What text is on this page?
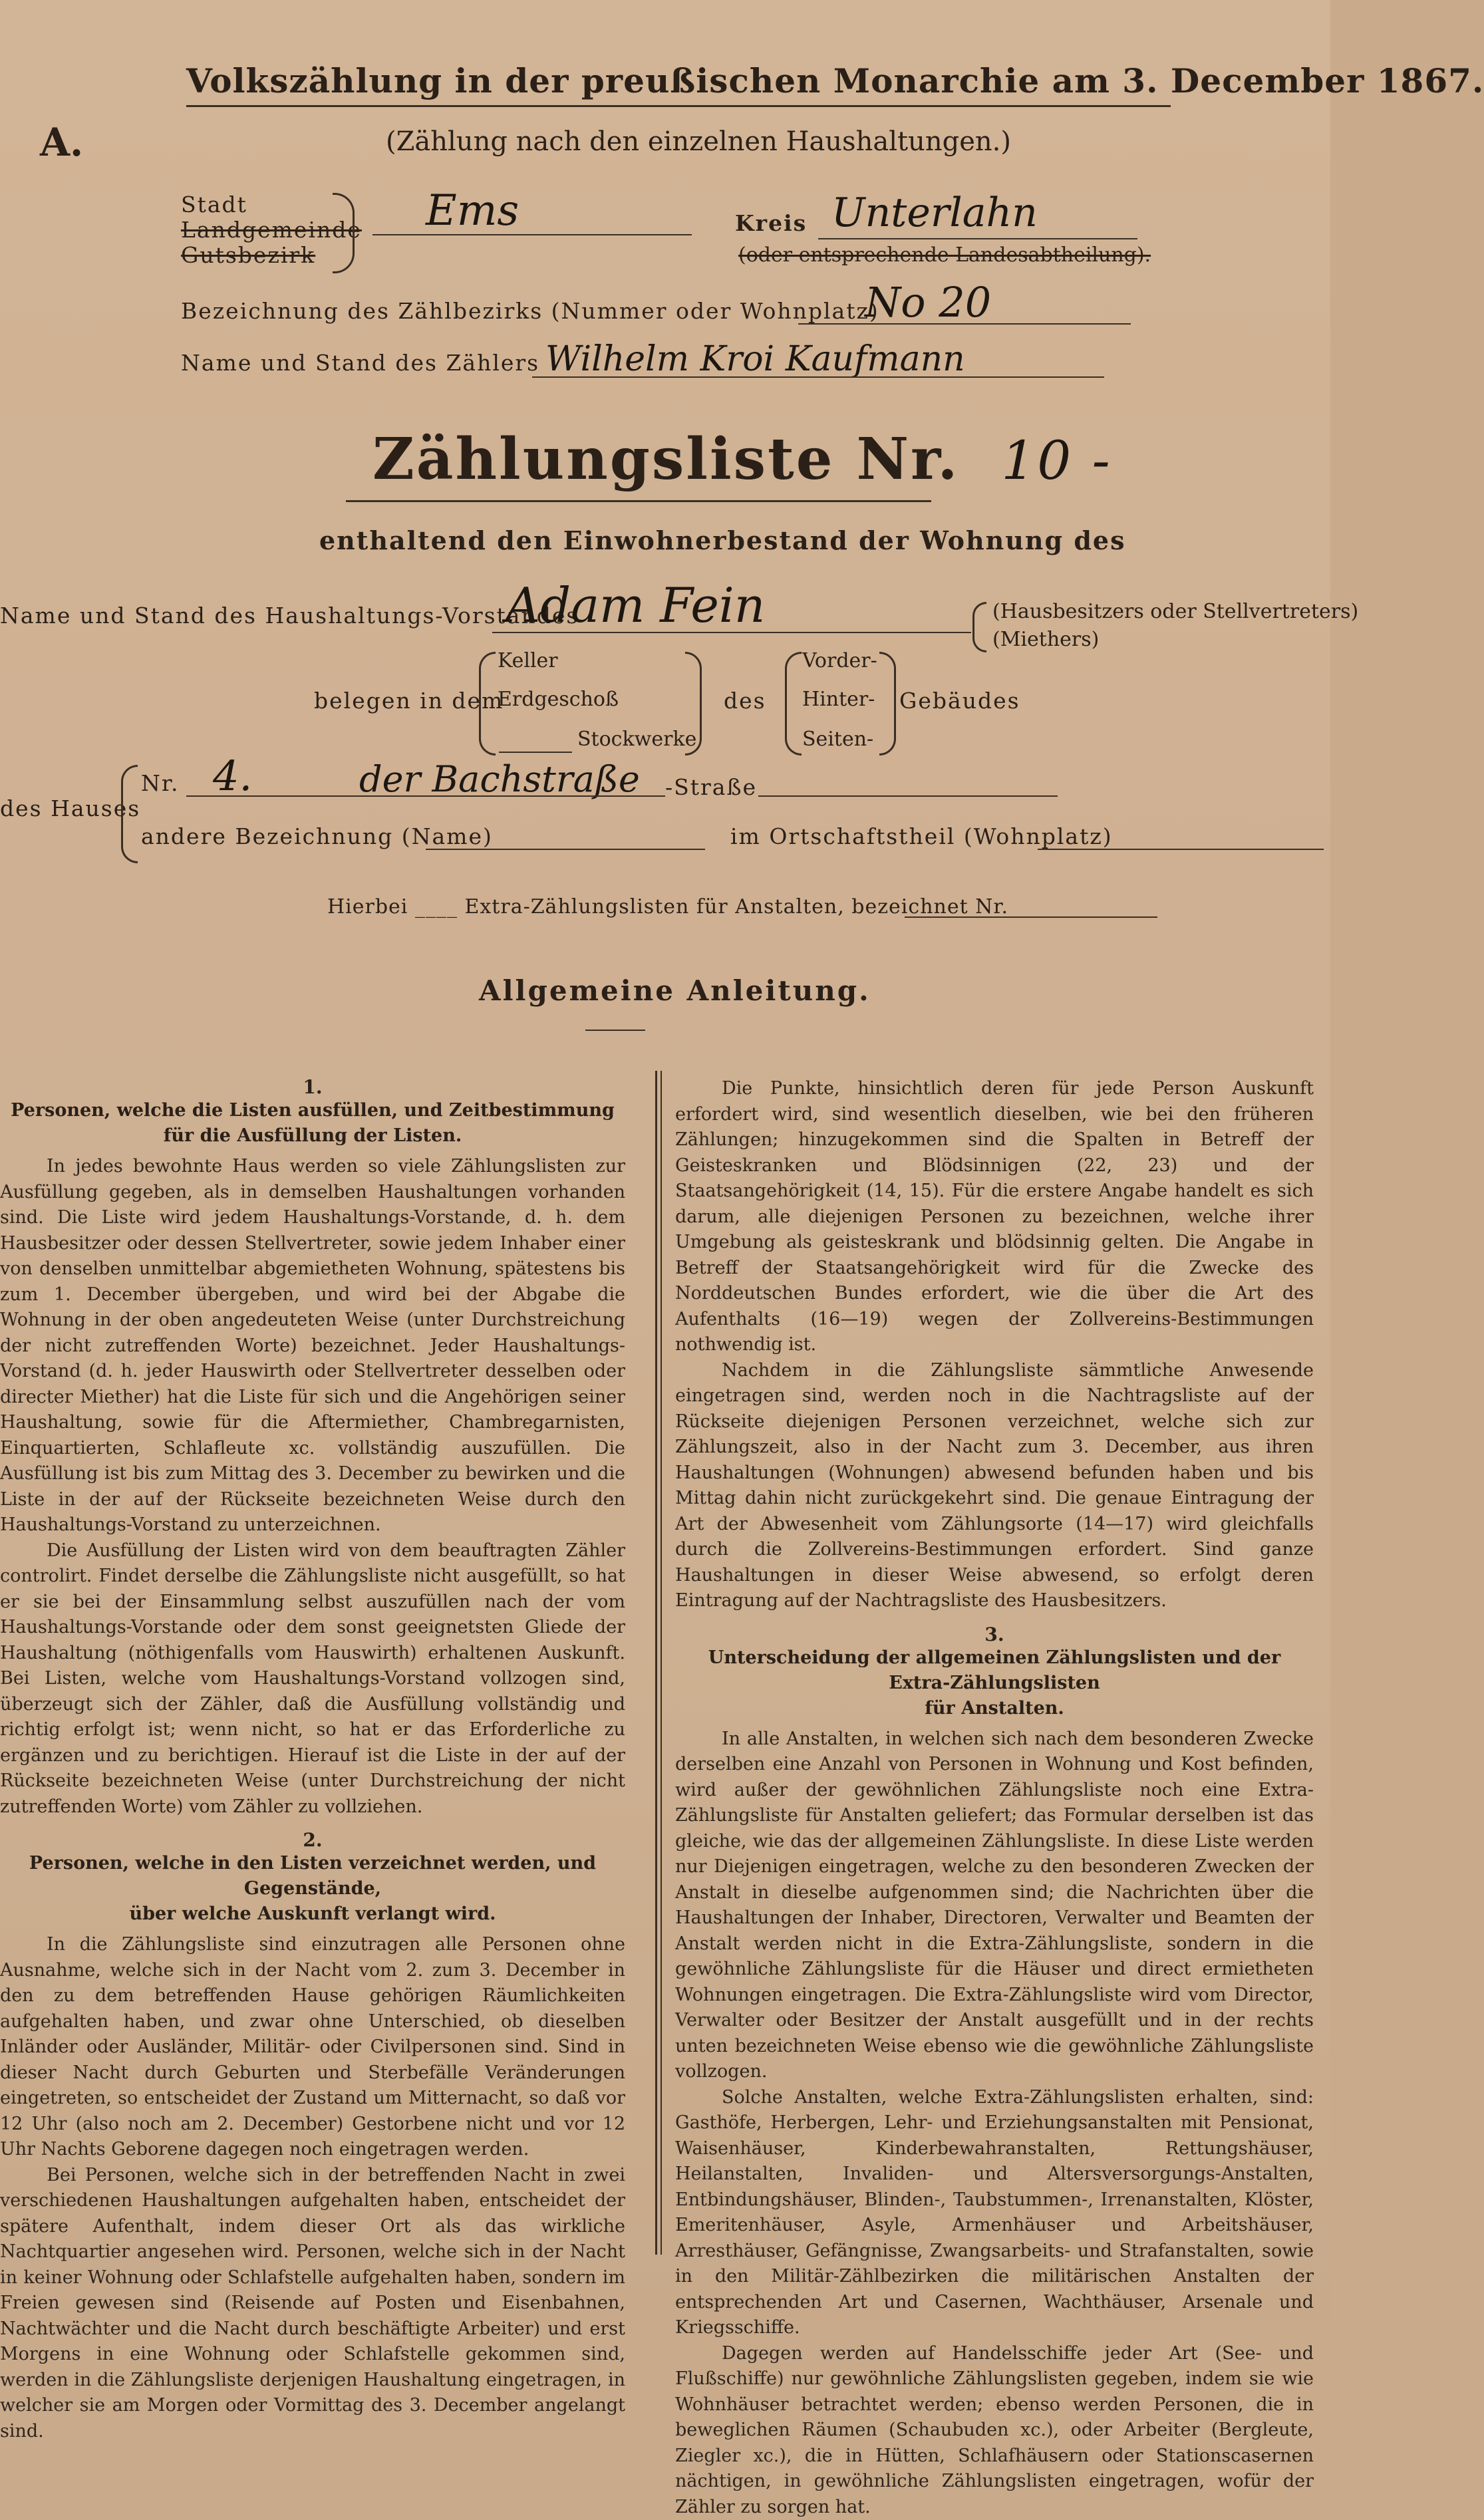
Volkszählung in der preußischen Monarchie am 3. December 1867.
A.	(Zählung nach den einzelnen Haushaltungen.)
Stadt
Landgemeinde
Gutsbezirk
Ems	Kreis Unterlahn
(oder entsprechende Landesabtheilung).
Bezeichnung des Zählbezirks (Nummer oder Wohnplatz)
No 20
Name und Stand des Zählers Wilhelm Kroi Kaufmann
Zählungsliste Nr. 10 -
enthaltend den Einwohnerbestand der Wohnung des
Name und Stand des Haushaltungs-Vorstandes
Adam Fein	(Hausbesitzers oder Stellvertreters)
(Miethers)
belegen in dem
Keller
Erdgeschoß
Stockwerke
des
Vorder-
Hinter-
Seiten-
Gebäudes
des Hauses
Nr. 4.	der Bachstraße -Straße
andere Bezeichnung (Name)	im Ortschaftstheil (Wohnplatz)
Hierbei ____ Extra-Zählungslisten für Anstalten, bezeichnet Nr.
Allgemeine Anleitung.
1.
Personen, welche die Listen ausfüllen, und Zeitbestimmung
für die Ausfüllung der Listen.

In jedes bewohnte Haus werden so viele Zählungslisten zur Ausfüllung gegeben, als in demselben Haushaltungen vorhanden sind. Die Liste wird jedem Haushaltungs-Vorstande, d. h. dem Hausbesitzer oder dessen Stellvertreter, sowie jedem Inhaber einer von denselben unmittelbar abgemietheten Wohnung, spätestens bis zum 1. December übergeben, und wird bei der Abgabe die Wohnung in der oben angedeuteten Weise (unter Durchstreichung der nicht zutreffenden Worte) bezeichnet. Jeder Haushaltungs-Vorstand (d. h. jeder Hauswirth oder Stellvertreter desselben oder directer Miether) hat die Liste für sich und die Angehörigen seiner Haushaltung, sowie für die Aftermiether, Chambregarnisten, Einquartierten, Schlafleute xc. vollständig auszufüllen. Die Ausfüllung ist bis zum Mittag des 3. December zu bewirken und die Liste in der auf der Rückseite bezeichneten Weise durch den Haushaltungs-Vorstand zu unterzeichnen.

Die Ausfüllung der Listen wird von dem beauftragten Zähler controlirt. Findet derselbe die Zählungsliste nicht ausgefüllt, so hat er sie bei der Einsammlung selbst auszufüllen nach der vom Haushaltungs-Vorstande oder dem sonst geeignetsten Gliede der Haushaltung (nöthigenfalls vom Hauswirth) erhaltenen Auskunft. Bei Listen, welche vom Haushaltungs-Vorstand vollzogen sind, überzeugt sich der Zähler, daß die Ausfüllung vollständig und richtig erfolgt ist; wenn nicht, so hat er das Erforderliche zu ergänzen und zu berichtigen. Hierauf ist die Liste in der auf der Rückseite bezeichneten Weise (unter Durchstreichung der nicht zutreffenden Worte) vom Zähler zu vollziehen.

2.
Personen, welche in den Listen verzeichnet werden, und Gegenstände,
über welche Auskunft verlangt wird.

In die Zählungsliste sind einzutragen alle Personen ohne Ausnahme, welche sich in der Nacht vom 2. zum 3. December in den zu dem betreffenden Hause gehörigen Räumlichkeiten aufgehalten haben, und zwar ohne Unterschied, ob dieselben Inländer oder Ausländer, Militär- oder Civilpersonen sind. Sind in dieser Nacht durch Geburten und Sterbefälle Veränderungen eingetreten, so entscheidet der Zustand um Mitternacht, so daß vor 12 Uhr (also noch am 2. December) Gestorbene nicht und vor 12 Uhr Nachts Geborene dagegen noch eingetragen werden.

Bei Personen, welche sich in der betreffenden Nacht in zwei verschiedenen Haushaltungen aufgehalten haben, entscheidet der spätere Aufenthalt, indem dieser Ort als das wirkliche Nachtquartier angesehen wird. Personen, welche sich in der Nacht in keiner Wohnung oder Schlafstelle aufgehalten haben, sondern im Freien gewesen sind (Reisende auf Posten und Eisenbahnen, Nachtwächter und die Nacht durch beschäftigte Arbeiter) und erst Morgens in eine Wohnung oder Schlafstelle gekommen sind, werden in die Zählungsliste derjenigen Haushaltung eingetragen, in welcher sie am Morgen oder Vormittag des 3. December angelangt sind.

Die Punkte, hinsichtlich deren für jede Person Auskunft erfordert wird, sind wesentlich dieselben, wie bei den früheren Zählungen; hinzugekommen sind die Spalten in Betreff der Geisteskranken und Blödsinnigen (22, 23) und der Staatsangehörigkeit (14, 15). Für die erstere Angabe handelt es sich darum, alle diejenigen Personen zu bezeichnen, welche ihrer Umgebung als geisteskrank und blödsinnig gelten. Die Angabe in Betreff der Staatsangehörigkeit wird für die Zwecke des Norddeutschen Bundes erfordert, wie die über die Art des Aufenthalts (16—19) wegen der Zollvereins-Bestimmungen nothwendig ist.

Nachdem in die Zählungsliste sämmtliche Anwesende eingetragen sind, werden noch in die Nachtragsliste auf der Rückseite diejenigen Personen verzeichnet, welche sich zur Zählungszeit, also in der Nacht zum 3. December, aus ihren Haushaltungen (Wohnungen) abwesend befunden haben und bis Mittag dahin nicht zurückgekehrt sind. Die genaue Eintragung der Art der Abwesenheit vom Zählungsorte (14—17) wird gleichfalls durch die Zollvereins-Bestimmungen erfordert. Sind ganze Haushaltungen in dieser Weise abwesend, so erfolgt deren Eintragung auf der Nachtragsliste des Hausbesitzers.

3.
Unterscheidung der allgemeinen Zählungslisten und der Extra-Zählungslisten
für Anstalten.

In alle Anstalten, in welchen sich nach dem besonderen Zwecke derselben eine Anzahl von Personen in Wohnung und Kost befinden, wird außer der gewöhnlichen Zählungsliste noch eine Extra-Zählungsliste für Anstalten geliefert; das Formular derselben ist das gleiche, wie das der allgemeinen Zählungsliste. In diese Liste werden nur Diejenigen eingetragen, welche zu den besonderen Zwecken der Anstalt in dieselbe aufgenommen sind; die Nachrichten über die Haushaltungen der Inhaber, Directoren, Verwalter und Beamten der Anstalt werden nicht in die Extra-Zählungsliste, sondern in die gewöhnliche Zählungsliste für die Häuser und direct ermietheten Wohnungen eingetragen. Die Extra-Zählungsliste wird vom Director, Verwalter oder Besitzer der Anstalt ausgefüllt und in der rechts unten bezeichneten Weise ebenso wie die gewöhnliche Zählungsliste vollzogen.

Solche Anstalten, welche Extra-Zählungslisten erhalten, sind: Gasthöfe, Herbergen, Lehr- und Erziehungsanstalten mit Pensionat, Waisenhäuser, Kinderbewahranstalten, Rettungshäuser, Heilanstalten, Invaliden- und Altersversorgungs-Anstalten, Entbindungshäuser, Blinden-, Taubstummen-, Irrenanstalten, Klöster, Emeritenhäuser, Asyle, Armenhäuser und Arbeitshäuser, Arresthäuser, Gefängnisse, Zwangsarbeits- und Strafanstalten, sowie in den Militär-Zählbezirken die militärischen Anstalten der entsprechenden Art und Casernen, Wachthäuser, Arsenale und Kriegsschiffe.

Dagegen werden auf Handelsschiffe jeder Art (See- und Flußschiffe) nur gewöhnliche Zählungslisten gegeben, indem sie wie Wohnhäuser betrachtet werden; ebenso werden Personen, die in beweglichen Räumen (Schaubuden xc.), oder Arbeiter (Bergleute, Ziegler xc.), die in Hütten, Schlafhäusern oder Stationscasernen nächtigen, in gewöhnliche Zählungslisten eingetragen, wofür der Zähler zu sorgen hat.
